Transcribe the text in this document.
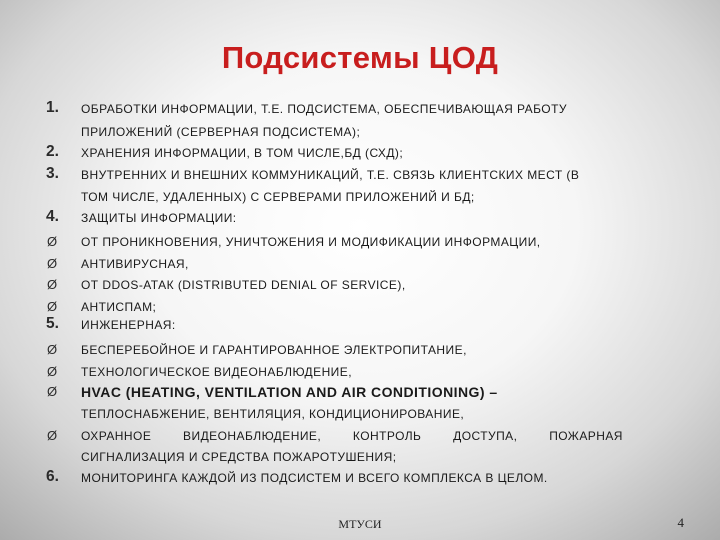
Подсистемы ЦОД
1. ОБРАБОТКИ ИНФОРМАЦИИ, Т.Е. ПОДСИСТЕМА, ОБЕСПЕЧИВАЮЩАЯ РАБОТУ
ПРИЛОЖЕНИЙ (СЕРВЕРНАЯ ПОДСИСТЕМА);
2. ХРАНЕНИЯ ИНФОРМАЦИИ, В ТОМ ЧИСЛЕ,БД (СХД);
3. ВНУТРЕННИХ И ВНЕШНИХ КОММУНИКАЦИЙ, Т.Е. СВЯЗЬ КЛИЕНТСКИХ МЕСТ (В
ТОМ ЧИСЛЕ, УДАЛЕННЫХ) С СЕРВЕРАМИ ПРИЛОЖЕНИЙ И БД;
4. ЗАЩИТЫ ИНФОРМАЦИИ:
Ø ОТ ПРОНИКНОВЕНИЯ, УНИЧТОЖЕНИЯ И МОДИФИКАЦИИ ИНФОРМАЦИИ,
Ø АНТИВИРУСНАЯ,
Ø ОТ DDOS-АТАК (DISTRIBUTED DENIAL OF SERVICE),
Ø АНТИСПАМ;
5. ИНЖЕНЕРНАЯ:
Ø БЕСПЕРЕБОЙНОЕ И ГАРАНТИРОВАННОЕ ЭЛЕКТРОПИТАНИЕ,
Ø ТЕХНОЛОГИЧЕСКОЕ ВИДЕОНАБЛЮДЕНИЕ,
Ø HVAC (HEATING, VENTILATION AND AIR CONDITIONING) –
ТЕПЛОСНАБЖЕНИЕ, ВЕНТИЛЯЦИЯ, КОНДИЦИОНИРОВАНИЕ,
Ø ОХРАННОЕ ВИДЕОНАБЛЮДЕНИЕ, КОНТРОЛЬ ДОСТУПА, ПОЖАРНАЯ
СИГНАЛИЗАЦИЯ И СРЕДСТВА ПОЖАРОТУШЕНИЯ;
6. МОНИТОРИНГА КАЖДОЙ ИЗ ПОДСИСТЕМ И ВСЕГО КОМПЛЕКСА В ЦЕЛОМ.
МТУСИ	4
